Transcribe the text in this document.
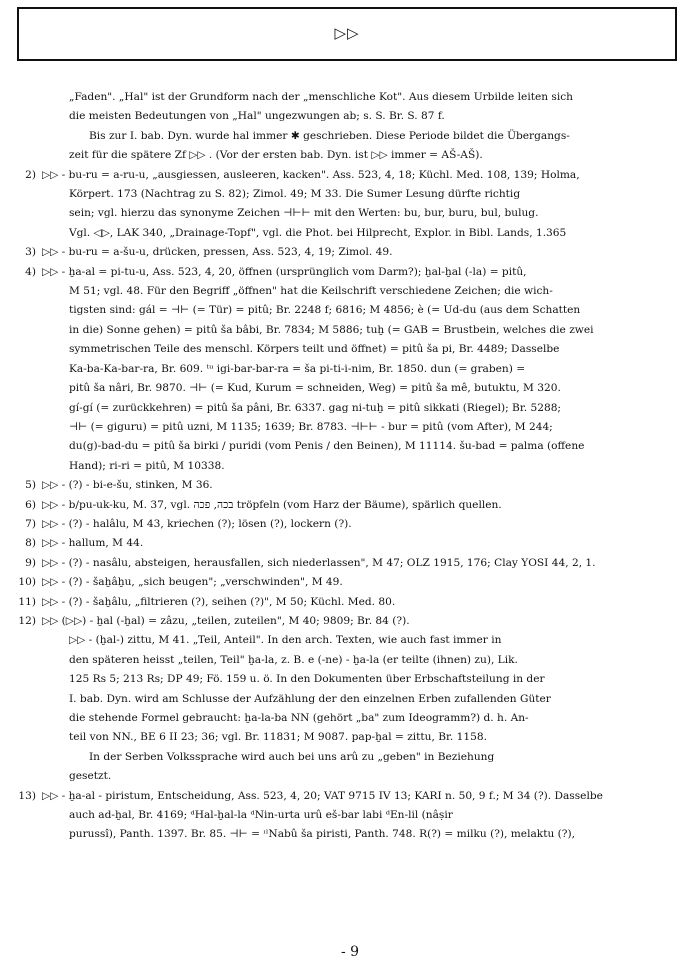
▷▷
„Faden". „Hal" ist der Grundform nach der „menschliche Kot". Aus diesem Urbilde leiten sich
die meisten Bedeutungen von „Hal" ungezwungen ab; s. S. Br. S. 87 f.
Bis zur I. bab. Dyn. wurde hal immer ✱ geschrieben. Diese Periode bildet die Übergangs-
zeit für die spätere Zf ▷▷ . (Vor der ersten bab. Dyn. ist ▷▷ immer = AŠ-AŠ).
2) ▷▷ - bu-ru = a-ru-u, „ausgiessen, ausleeren, kacken". Ass. 523, 4, 18; Küchl. Med. 108, 139; Holma,
Körpert. 173 (Nachtrag zu S. 82); Zimol. 49; M 33. Die Sumer Lesung dürfte richtig
sein; vgl. hierzu das synonyme Zeichen ⊣⊢⊢ mit den Werten: bu, bur, buru, bul, bulug.
Vgl. ◁▷, LAK 340, „Drainage-Topf", vgl. die Phot. bei Hilprecht, Explor. in Bibl. Lands, 1.365
3) ▷▷ - bu-ru = a-šu-u, drücken, pressen, Ass. 523, 4, 19; Zimol. 49.
4) ▷▷ - ḫa-al = pi-tu-u, Ass. 523, 4, 20, öffnen (ursprünglich vom Darm?); ḫal-ḫal (-la) = pitû,
M 51; vgl. 48. Für den Begriff „öffnen" hat die Keilschrift verschiedene Zeichen; die wich-
tigsten sind: gál = ⊣⊢ (= Tür) = pitû; Br. 2248 f; 6816; M 4856; è (= Ud-du (aus dem Schatten
in die) Sonne gehen) = pitû ša bâbi, Br. 7834; M 5886; tuḫ (= GAB = Brustbein, welches die zwei
symmetrischen Teile des menschl. Körpers teilt und öffnet) = pitû ša pi, Br. 4489; Dasselbe
Ka-ba-Ka-bar-ra, Br. 609. ᵗᵘ igi-bar-bar-ra = ša pi-ti-i-nim, Br. 1850. dun (= graben) =
pitû ša nâri, Br. 9870. ⊣⊢ (= Kud, Kurum = schneiden, Weg) = pitû ša mê, butuktu, M 320.
gí-gí (= zurückkehren) = pitû ša pâni, Br. 6337. gag ni-tuḫ = pitû sikkati (Riegel); Br. 5288;
⊣⊢ (= giguru) = pitû uzni, M 1135; 1639; Br. 8783. ⊣⊢⊢ - bur = pitû (vom After), M 244;
du(g)-bad-du = pitû ša birki / puridi (vom Penis / den Beinen), M 11114. šu-bad = palma (offene
Hand); ri-ri = pitû, M 10338.
5) ▷▷ - (?) - bi-e-šu, stinken, M 36.
6) ▷▷ - b/pu-uk-ku, M. 37, vgl. בכה, פכה tröpfeln (vom Harz der Bäume), spärlich quellen.
7) ▷▷ - (?) - halâlu, M 43, kriechen (?); lösen (?), lockern (?).
8) ▷▷ - hallum, M 44.
9) ▷▷ - (?) - nasâlu, absteigen, herausfallen, sich niederlassen", M 47; OLZ 1915, 176; Clay YOSI 44, 2, 1.
10) ▷▷ - (?) - šaḫâḫu, „sich beugen"; „verschwinden", M 49.
11) ▷▷ - (?) - šaḫâlu, „filtrieren (?), seihen (?)", M 50; Küchl. Med. 80.
12) ▷▷ (▷▷) - ḫal (-ḫal) = zâzu, „teilen, zuteilen", M 40; 9809; Br. 84 (?).
▷▷ - (ḫal-) zittu, M 41. „Teil, Anteil". In den arch. Texten, wie auch fast immer in
den späteren heisst „teilen, Teil" ḫa-la, z. B. e (-ne) - ḫa-la (er teilte (ihnen) zu), Lik.
125 Rs 5; 213 Rs; DP 49; Fö. 159 u. ö. In den Dokumenten über Erbschaftsteilung in der
I. bab. Dyn. wird am Schlusse der Aufzählung der den einzelnen Erben zufallenden Güter
die stehende Formel gebraucht: ḫa-la-ba NN (gehört „ba" zum Ideogramm?) d. h. An-
teil von NN., BE 6 II 23; 36; vgl. Br. 11831; M 9087. pap-ḫal = zittu, Br. 1158.
In der Serben Volkssprache wird auch bei uns arû zu „geben" in Beziehung
gesetzt.
13) ▷▷ - ḫa-al - piristum, Entscheidung, Ass. 523, 4, 20; VAT 9715 IV 13; KARI n. 50, 9 f.; M 34 (?). Dasselbe
auch ad-ḫal, Br. 4169; ᵈHal-ḫal-la ᵈNin-urta urû eš-bar labi ᵈEn-lil (nâṣir
purussî), Panth. 1397. Br. 85. ⊣⊢ = ᶦˡNabû ša piristi, Panth. 748. R(?) = milku (?), melaktu (?),
- 9
